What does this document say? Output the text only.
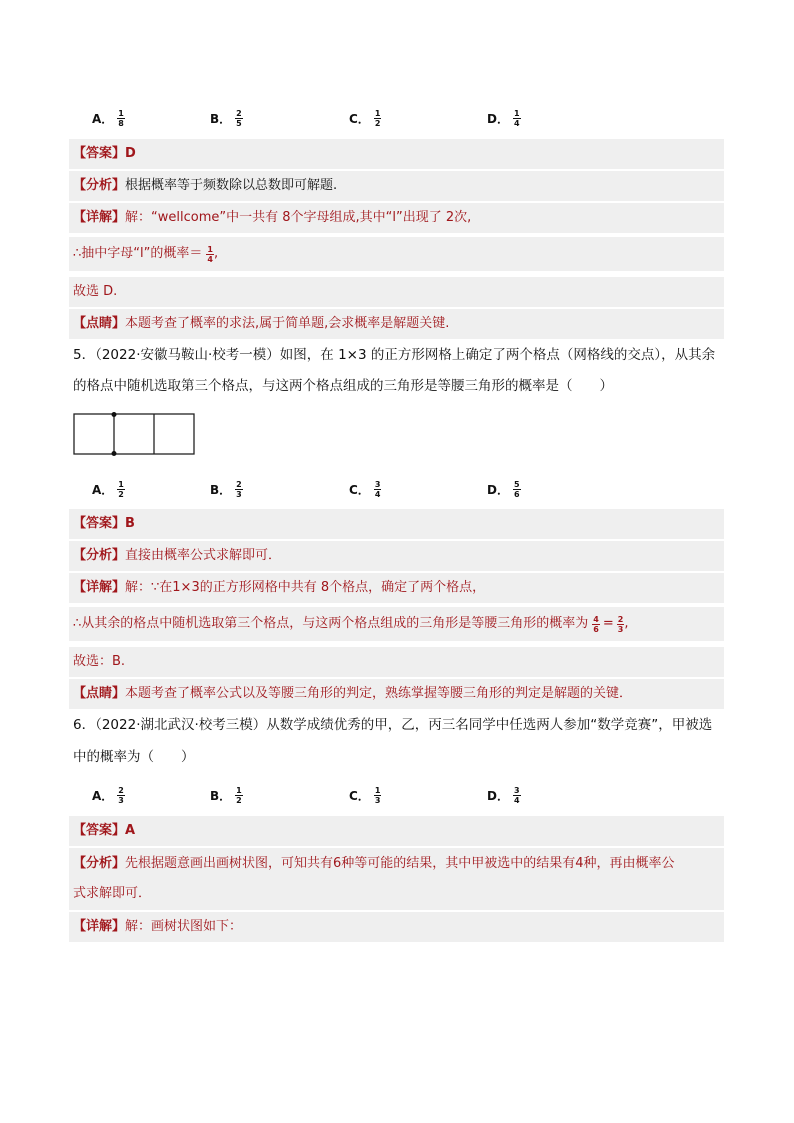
A． $\frac{1}{8}$	B． $\frac{2}{5}$	C． $\frac{1}{2}$	D． $\frac{1}{4}$
【答案】D
【分析】根据概率等于频数除以总数即可解题.
【详解】解：“wellcome”中一共有 8个字母组成,其中“l”出现了 2次,
∴抽中字母“l”的概率＝ $\frac{1}{4}$ ,
故选 D.
【点睛】本题考查了概率的求法,属于简单题,会求概率是解题关键.
5．（2022·安徽马鞍山·校考一模）如图，在 1×3 的正方形网格上确定了两个格点（网格线的交点），从其余
的格点中随机选取第三个格点，与这两个格点组成的三角形是等腰三角形的概率是（　　）
A． $\frac{1}{2}$	B． $\frac{2}{3}$	C． $\frac{3}{4}$	D． $\frac{5}{6}$
【答案】B
【分析】直接由概率公式求解即可．
【详解】解：∵在1×3的正方形网格中共有 8个格点，确定了两个格点，
∴从其余的格点中随机选取第三个格点，与这两个格点组成的三角形是等腰三角形的概率为 $\frac{4}{6} = \frac{2}{3}$ ,
故选：B.
【点睛】本题考查了概率公式以及等腰三角形的判定，熟练掌握等腰三角形的判定是解题的关键．
6．（2022·湖北武汉·校考三模）从数学成绩优秀的甲，乙，丙三名同学中任选两人参加“数学竞赛”，甲被选
中的概率为（　　）
A． $\frac{2}{3}$	B． $\frac{1}{2}$	C． $\frac{1}{3}$	D． $\frac{3}{4}$
【答案】A
【分析】先根据题意画出画树状图，可知共有6种等可能的结果，其中甲被选中的结果有4种，再由概率公
式求解即可．
【详解】解：画树状图如下：
